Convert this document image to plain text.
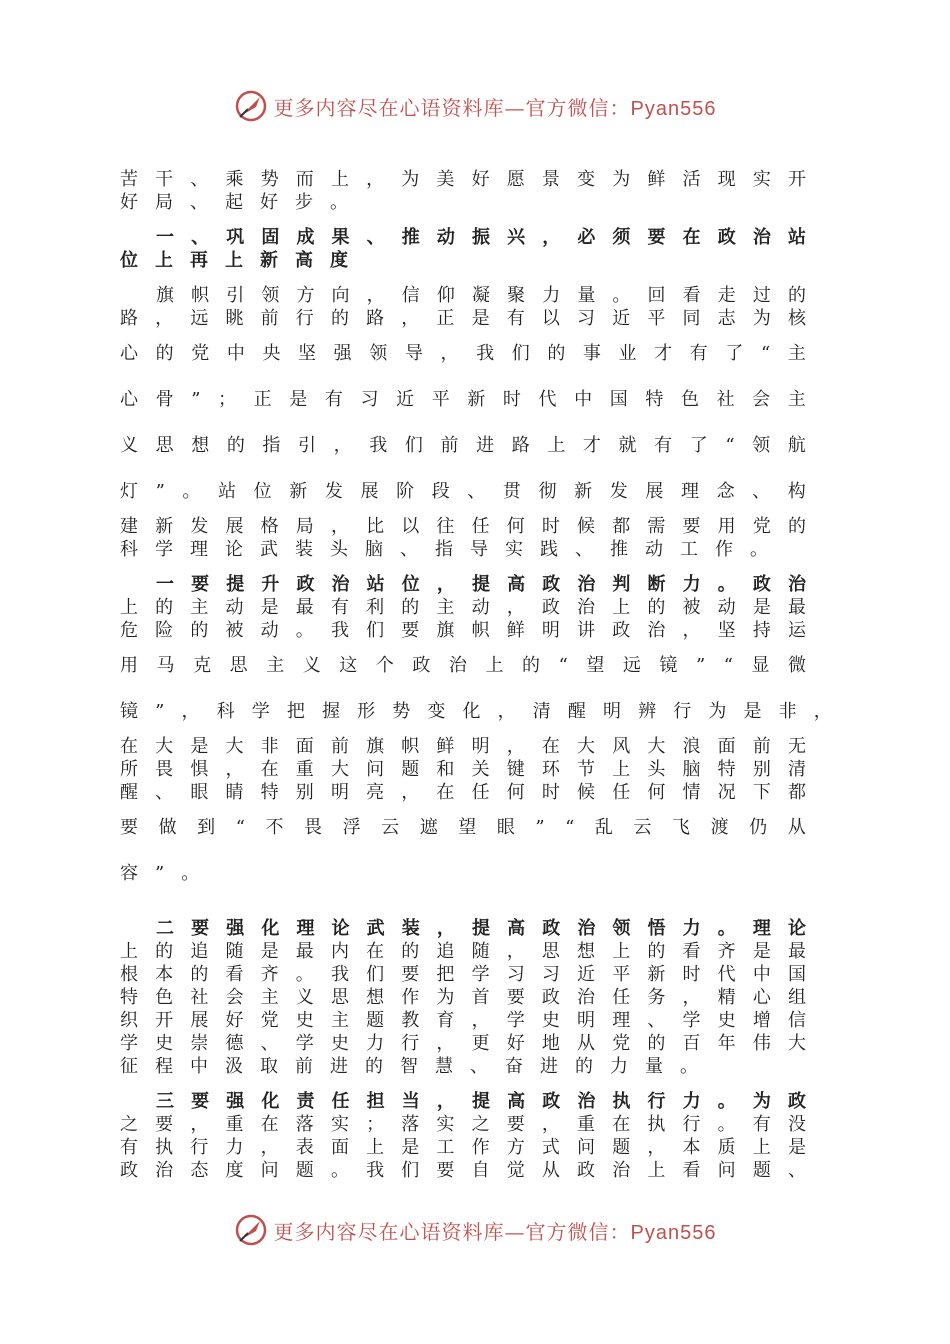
更多内容尽在心语资料库—官方微信：Pyan556
苦 干 、 乘 势 而 上 ， 为 美 好 愿 景 变 为 鲜 活 现 实 开
好局、起好步。
一 、 巩 固 成 果 、 推 动 振 兴 ， 必 须 要 在 政 治 站
位上再上新高度
旗 帜 引 领 方 向 ， 信 仰 凝 聚 力 量 。 回 看 走 过 的
路 ， 远 眺 前 行 的 路 ， 正 是 有 以 习 近 平 同 志 为 核
心 的 党 中 央 坚 强 领 导 ， 我 们 的 事 业 才 有 了 “ 主
心 骨 ” ； 正 是 有 习 近 平 新 时 代 中 国 特 色 社 会 主
义 思 想 的 指 引 ， 我 们 前 进 路 上 才 就 有 了 “ 领 航
灯 ” 。 站 位 新 发 展 阶 段 、 贯 彻 新 发 展 理 念 、 构
建 新 发 展 格 局 ， 比 以 往 任 何 时 候 都 需 要 用 党 的
科学理论武装头脑、指导实践、推动工作。
一 要 提 升 政 治 站 位 ， 提 高 政 治 判 断 力 。 政 治
上 的 主 动 是 最 有 利 的 主 动 ， 政 治 上 的 被 动 是 最
危 险 的 被 动 。 我 们 要 旗 帜 鲜 明 讲 政 治 ， 坚 持 运
用 马 克 思 主 义 这 个 政 治 上 的 “ 望 远 镜 ” “ 显 微
镜 ” ， 科 学 把 握 形 势 变 化 ， 清 醒 明 辨 行 为 是 非 ，
在 大 是 大 非 面 前 旗 帜 鲜 明 ， 在 大 风 大 浪 面 前 无
所 畏 惧 ， 在 重 大 问 题 和 关 键 环 节 上 头 脑 特 别 清
醒 、 眼 睛 特 别 明 亮 ， 在 任 何 时 候 任 何 情 况 下 都
要 做 到 “ 不 畏 浮 云 遮 望 眼 ” “ 乱 云 飞 渡 仍 从
容”。
二 要 强 化 理 论 武 装 ， 提 高 政 治 领 悟 力 。 理 论
上 的 追 随 是 最 内 在 的 追 随 ， 思 想 上 的 看 齐 是 最
根 本 的 看 齐 。 我 们 要 把 学 习 习 近 平 新 时 代 中 国
特 色 社 会 主 义 思 想 作 为 首 要 政 治 任 务 ， 精 心 组
织 开 展 好 党 史 主 题 教 育 ， 学 史 明 理 、 学 史 增 信
学 史 崇 德 、 学 史 力 行 ， 更 好 地 从 党 的 百 年 伟 大
征程中汲取前进的智慧、奋进的力量。
三 要 强 化 责 任 担 当 ， 提 高 政 治 执 行 力 。 为 政
之 要 ， 重 在 落 实 ； 落 实 之 要 ， 重 在 执 行 。 有 没
有 执 行 力 ， 表 面 上 是 工 作 方 式 问 题 ， 本 质 上 是
政 治 态 度 问 题 。 我 们 要 自 觉 从 政 治 上 看 问 题 、
更多内容尽在心语资料库—官方微信：Pyan556
